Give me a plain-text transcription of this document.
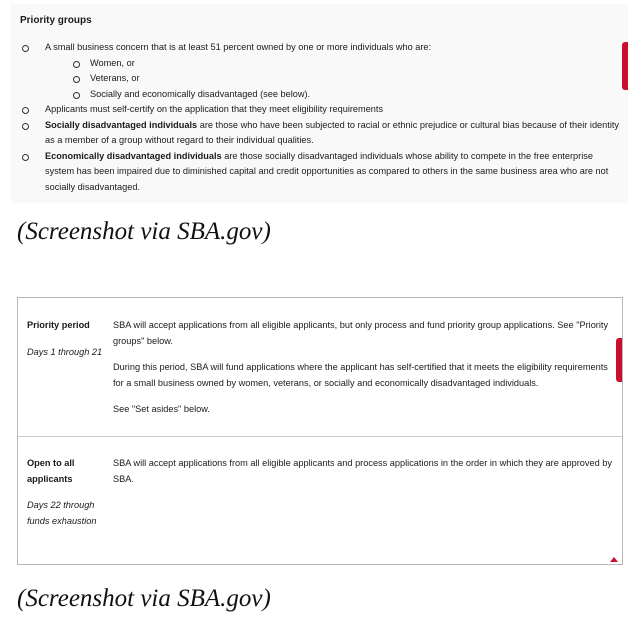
Priority groups
A small business concern that is at least 51 percent owned by one or more individuals who are:
Women, or
Veterans, or
Socially and economically disadvantaged (see below).
Applicants must self-certify on the application that they meet eligibility requirements
Socially disadvantaged individuals are those who have been subjected to racial or ethnic prejudice or cultural bias because of their identity as a member of a group without regard to their individual qualities.
Economically disadvantaged individuals are those socially disadvantaged individuals whose ability to compete in the free enterprise system has been impaired due to diminished capital and credit opportunities as compared to others in the same business area who are not socially disadvantaged.
(Screenshot via SBA.gov)
Priority period
Days 1 through 21

SBA will accept applications from all eligible applicants, but only process and fund priority group applications. See "Priority groups" below.

During this period, SBA will fund applications where the applicant has self-certified that it meets the eligibility requirements for a small business owned by women, veterans, or socially and economically disadvantaged individuals.

See "Set asides" below.

Open to all applicants
Days 22 through funds exhaustion

SBA will accept applications from all eligible applicants and process applications in the order in which they are approved by SBA.

(Screenshot via SBA.gov)
